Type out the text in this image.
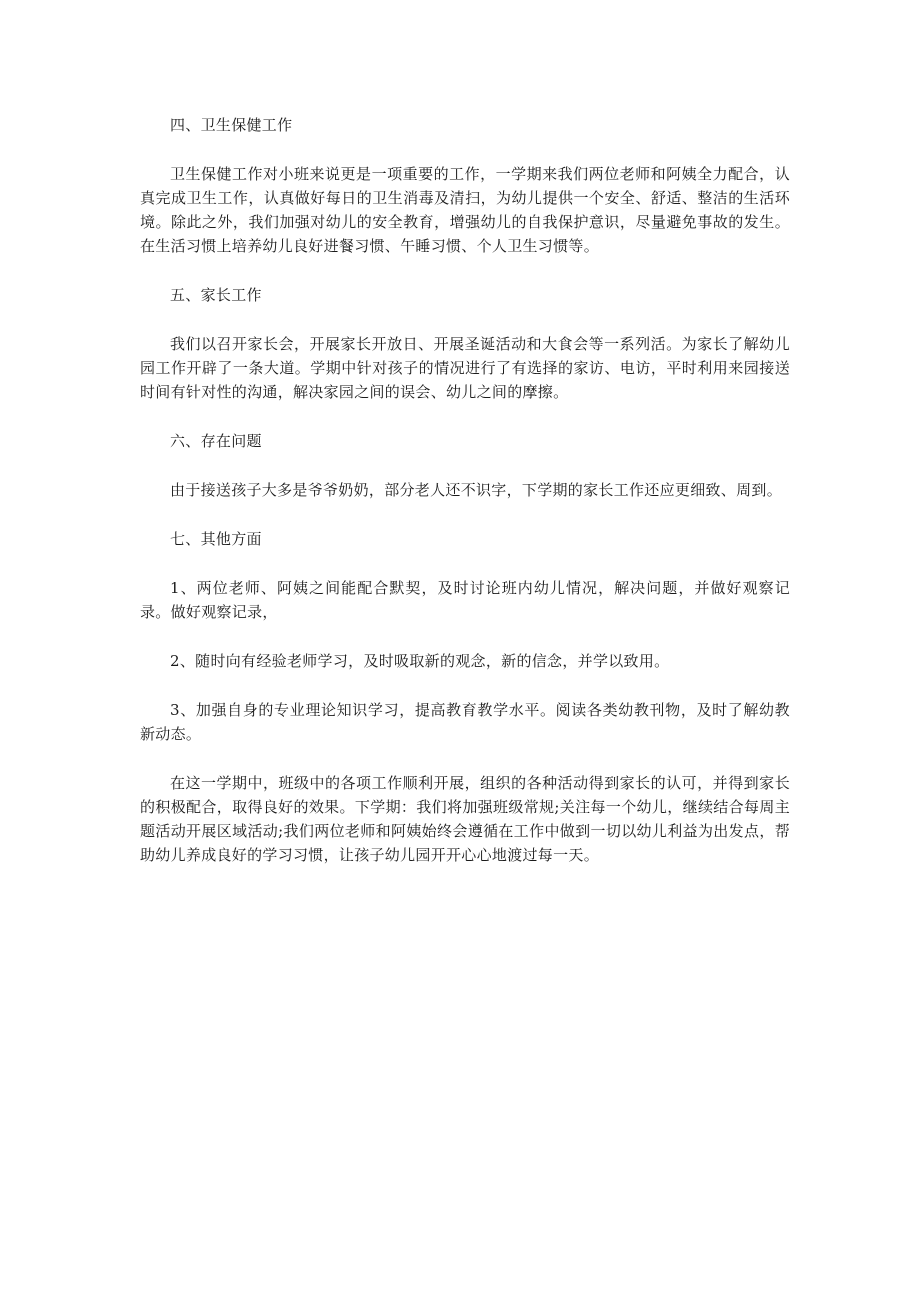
四、卫生保健工作

卫生保健工作对小班来说更是一项重要的工作，一学期来我们两位老师和阿姨全力配合，认真完成卫生工作，认真做好每日的卫生消毒及清扫，为幼儿提供一个安全、舒适、整洁的生活环境。除此之外，我们加强对幼儿的安全教育，增强幼儿的自我保护意识，尽量避免事故的发生。在生活习惯上培养幼儿良好进餐习惯、午睡习惯、个人卫生习惯等。

五、家长工作

我们以召开家长会，开展家长开放日、开展圣诞活动和大食会等一系列活。为家长了解幼儿园工作开辟了一条大道。学期中针对孩子的情况进行了有选择的家访、电访，平时利用来园接送时间有针对性的沟通，解决家园之间的误会、幼儿之间的摩擦。

六、存在问题

由于接送孩子大多是爷爷奶奶，部分老人还不识字，下学期的家长工作还应更细致、周到。

七、其他方面

1、两位老师、阿姨之间能配合默契，及时讨论班内幼儿情况，解决问题，并做好观察记录。做好观察记录，

2、随时向有经验老师学习，及时吸取新的观念，新的信念，并学以致用。

3、加强自身的专业理论知识学习，提高教育教学水平。阅读各类幼教刊物，及时了解幼教新动态。

在这一学期中，班级中的各项工作顺利开展，组织的各种活动得到家长的认可，并得到家长的积极配合，取得良好的效果。下学期：我们将加强班级常规;关注每一个幼儿，继续结合每周主题活动开展区域活动;我们两位老师和阿姨始终会遵循在工作中做到一切以幼儿利益为出发点，帮助幼儿养成良好的学习习惯，让孩子幼儿园开开心心地渡过每一天。
